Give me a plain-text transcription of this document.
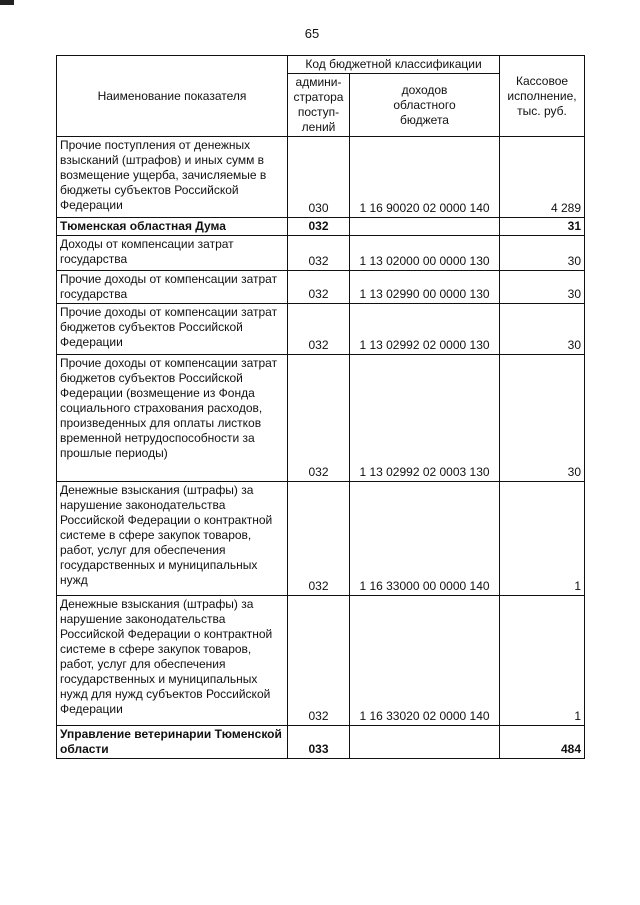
65
Наименование показателя	Код бюджетной классификации		Кассовое
исполнение,
тыс. руб.
	админи-
стратора
поступ-
лений	доходов
областного
бюджета	
Прочие поступления от денежных взысканий (штрафов) и иных сумм в возмещение ущерба, зачисляемые в бюджеты субъектов Российской Федерации	030	1 16 90020 02 0000 140	4 289
Тюменская областная Дума	032		31
Доходы от компенсации затрат государства	032	1 13 02000 00 0000 130	30
Прочие доходы от компенсации затрат государства	032	1 13 02990 00 0000 130	30
Прочие доходы от компенсации затрат бюджетов субъектов Российской Федерации	032	1 13 02992 02 0000 130	30
Прочие доходы от компенсации затрат бюджетов субъектов Российской Федерации (возмещение из Фонда социального страхования расходов, произведенных для оплаты листков временной нетрудоспособности за прошлые периоды)	032	1 13 02992 02 0003 130	30
Денежные взыскания (штрафы) за нарушение законодательства Российской Федерации о контрактной системе в сфере закупок товаров, работ, услуг для обеспечения государственных и муниципальных нужд	032	1 16 33000 00 0000 140	1
Денежные взыскания (штрафы) за нарушение законодательства Российской Федерации о контрактной системе в сфере закупок товаров, работ, услуг для обеспечения государственных и муниципальных нужд для нужд субъектов Российской Федерации	032	1 16 33020 02 0000 140	1
Управление ветеринарии Тюменской области	033		484
